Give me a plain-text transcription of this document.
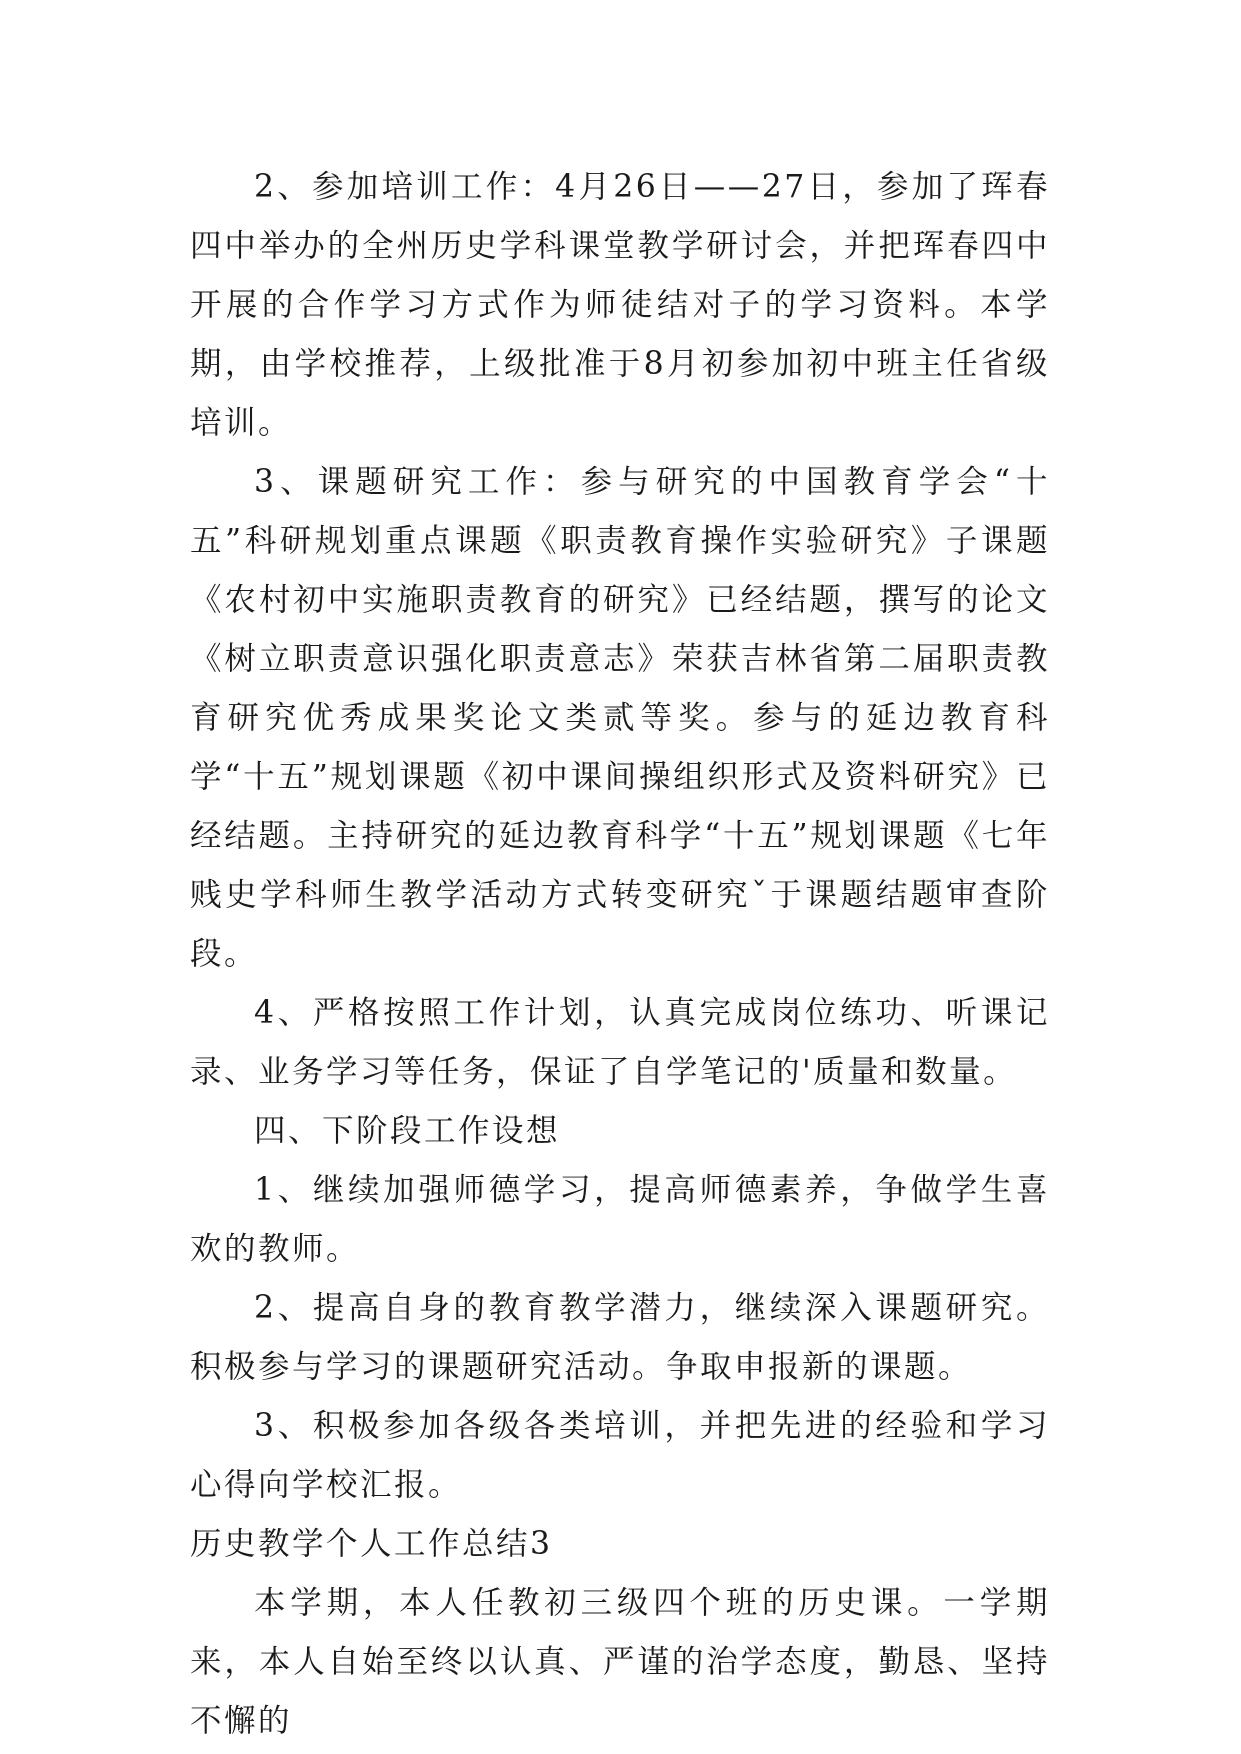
2、参加培训工作：4月26日——27日，参加了珲春四中举办的全州历史学科课堂教学研讨会，并把珲春四中开展的合作学习方式作为师徒结对子的学习资料。本学期，由学校推荐，上级批准于8月初参加初中班主任省级培训。

3、课题研究工作：参与研究的中国教育学会“十五”科研规划重点课题《职责教育操作实验研究》子课题《农村初中实施职责教育的研究》已经结题，撰写的论文《树立职责意识强化职责意志》荣获吉林省第二届职责教育研究优秀成果奖论文类贰等奖。参与的延边教育科学“十五”规划课题《初中课间操组织形式及资料研究》已经结题。主持研究的延边教育科学“十五”规划课题《七年贱史学科师生教学活动方式转变研究ˇ于课题结题审查阶段。

4、严格按照工作计划，认真完成岗位练功、听课记录、业务学习等任务，保证了自学笔记的'质量和数量。

四、下阶段工作设想

1、继续加强师德学习，提高师德素养，争做学生喜欢的教师。

2、提高自身的教育教学潜力，继续深入课题研究。积极参与学习的课题研究活动。争取申报新的课题。

3、积极参加各级各类培训，并把先进的经验和学习心得向学校汇报。

历史教学个人工作总结3

本学期，本人任教初三级四个班的历史课。一学期来，本人自始至终以认真、严谨的治学态度，勤恳、坚持不懈的
